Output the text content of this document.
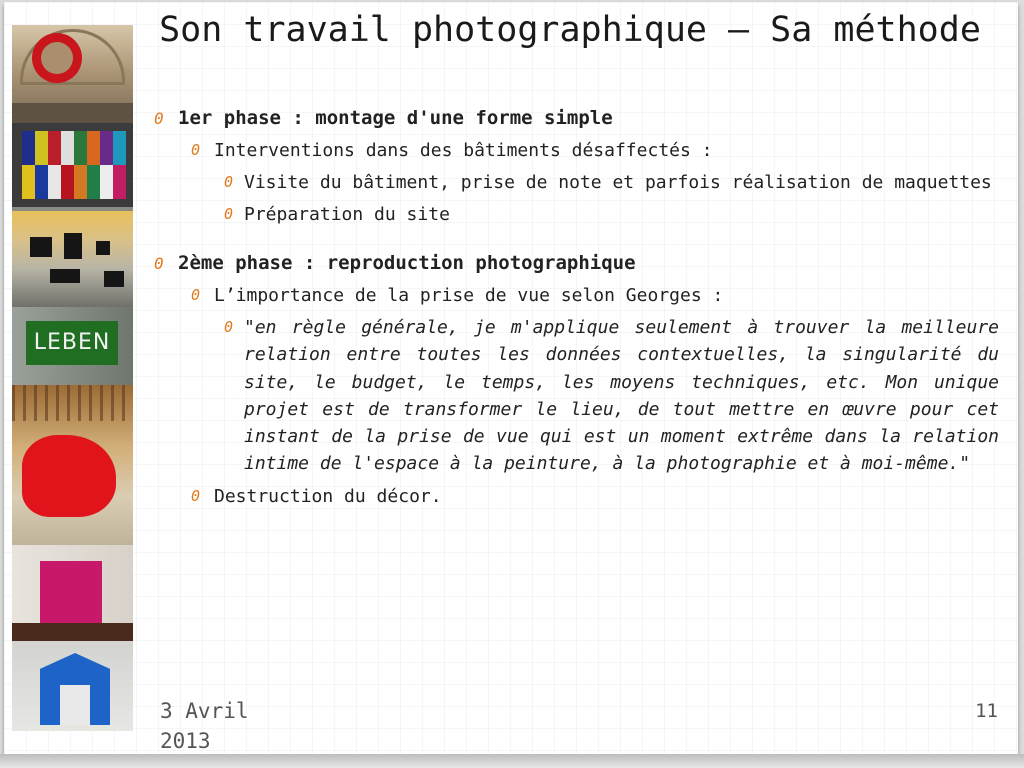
LEBEN
Son travail photographique – Sa méthode
0 1er phase : montage d'une forme simple
0 Interventions dans des bâtiments désaffectés :
0 Visite du bâtiment, prise de note et parfois réalisation de maquettes
0 Préparation du site
0 2ème phase : reproduction photographique
0 L’importance de la prise de vue selon Georges :
0 "en règle générale, je m'applique seulement à trouver la meilleure relation entre toutes les données contextuelles, la singularité du site, le budget, le temps, les moyens techniques, etc. Mon unique projet est de transformer le lieu, de tout mettre en œuvre pour cet instant de la prise de vue qui est un moment extrême dans la relation intime de l'espace à la peinture, à la photographie et à moi-même."
0 Destruction du décor.
3 Avril 2013
11
